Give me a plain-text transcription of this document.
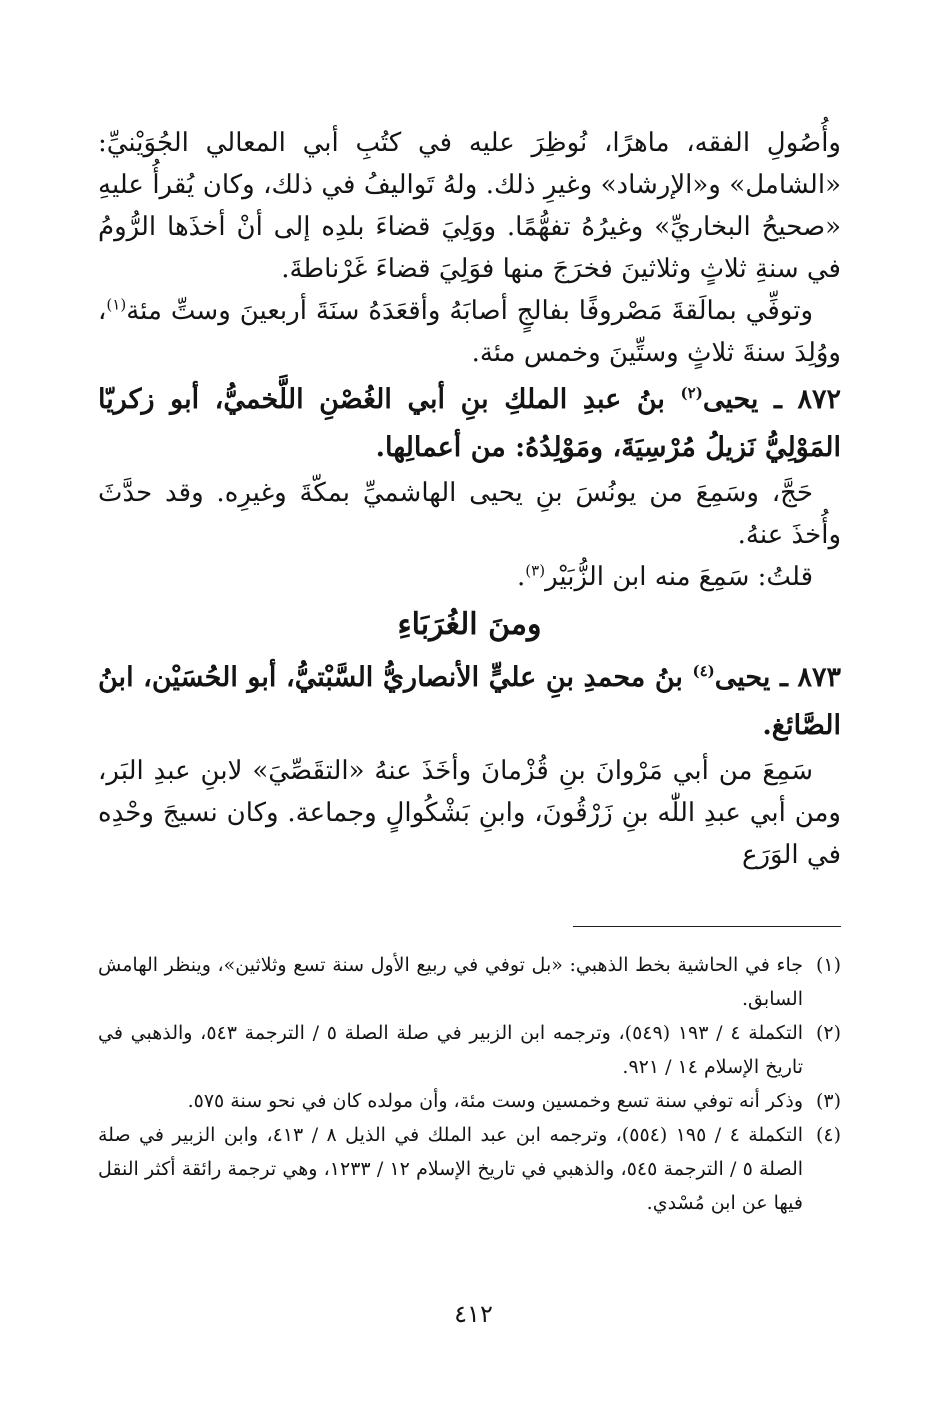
وأُصُولِ الفقه، ماهرًا، نُوظِرَ عليه في كتُبِ أبي المعالي الجُوَيْنيِّ: «الشامل» و«الإرشاد» وغيرِ ذلك. ولهُ تَواليفُ في ذلك، وكان يُقرأُ عليهِ «صحيحُ البخاريِّ» وغيرُهُ تفهُّمًا. ووَلِيَ قضاءَ بلدِه إلى أنْ أخذَها الرُّومُ في سنةِ ثلاثٍ وثلاثينَ فخرَجَ منها فوَلِيَ قضاءَ غَرْناطةَ.

وتوفِّي بمالَقةَ مَصْروفًا بفالجٍ أصابَهُ وأقعَدَهُ سنَةَ أربعينَ وستِّ مئة$^{(١)}$، ووُلِدَ سنةَ ثلاثٍ وستِّينَ وخمس مئة.

٨٧٢ ـ يحيى$^{(٢)}$ بنُ عبدِ الملكِ بنِ أبي الغُصْنِ اللَّخميُّ، أبو زكريّا المَوْلِيُّ نَزيلُ مُرْسِيَةَ، ومَوْلِدُهُ: من أعمالِها.

حَجَّ، وسَمِعَ من يونُسَ بنِ يحيى الهاشميِّ بمكّةَ وغيرِه. وقد حدَّثَ وأُخذَ عنهُ.

قلتُ: سَمِعَ منه ابن الزُّبَيْر$^{(٣)}$.

ومنَ الغُرَبَاءِ

٨٧٣ ـ يحيى$^{(٤)}$ بنُ محمدِ بنِ عليٍّ الأنصاريُّ السَّبْتيُّ، أبو الحُسَيْن، ابنُ الصَّائغ.

سَمِعَ من أبي مَرْوانَ بنِ قُزْمانَ وأخَذَ عنهُ «التقَصِّيَ» لابنِ عبدِ البَر، ومن أبي عبدِ اللّٰه بنِ زَرْقُونَ، وابنِ بَشْكُوالٍ وجماعة. وكان نسيجَ وحْدِه في الوَرَع

(١)
جاء في الحاشية بخط الذهبي: «بل توفي في ربيع الأول سنة تسع وثلاثين»، وينظر الهامش السابق.
(٢)
التكملة ٤ / ١٩٣ (٥٤٩)، وترجمه ابن الزبير في صلة الصلة ٥ / الترجمة ٥٤٣، والذهبي في تاريخ الإسلام ١٤ / ٩٢١.
(٣)
وذكر أنه توفي سنة تسع وخمسين وست مئة، وأن مولده كان في نحو سنة ٥٧٥.
(٤)
التكملة ٤ / ١٩٥ (٥٥٤)، وترجمه ابن عبد الملك في الذيل ٨ / ٤١٣، وابن الزبير في صلة الصلة ٥ / الترجمة ٥٤٥، والذهبي في تاريخ الإسلام ١٢ / ١٢٣٣، وهي ترجمة رائقة أكثر النقل فيها عن ابن مُسْدي.
٤١٢
